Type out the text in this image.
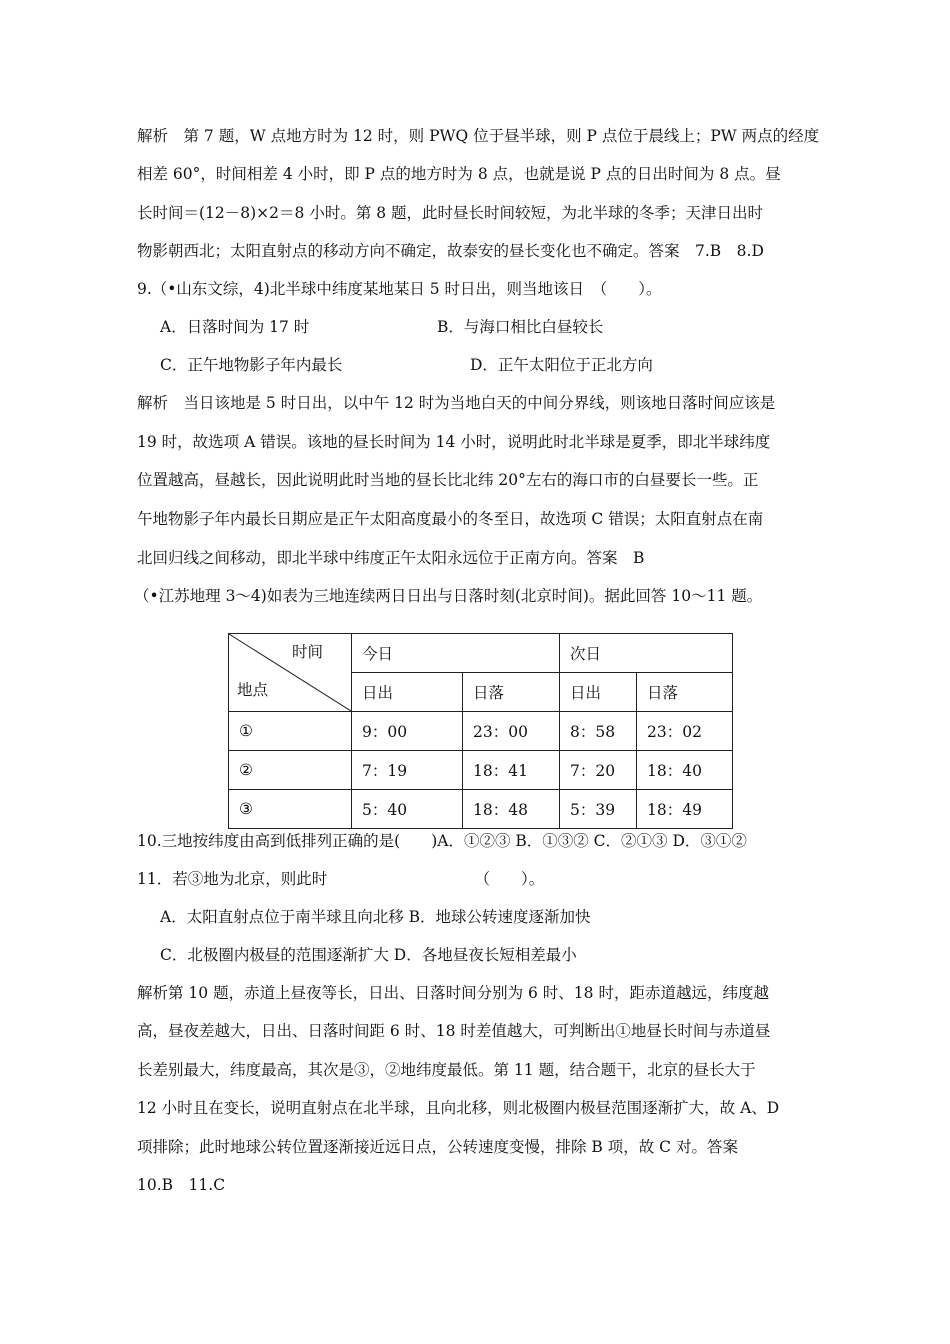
解析　第 7 题，W 点地方时为 12 时，则 PWQ 位于昼半球，则 P 点位于晨线上；PW 两点的经度
相差 60°，时间相差 4 小时，即 P 点的地方时为 8 点，也就是说 P 点的日出时间为 8 点。昼
长时间＝(12－8)×2＝8 小时。第 8 题，此时昼长时间较短，为北半球的冬季；天津日出时
物影朝西北；太阳直射点的移动方向不确定，故泰安的昼长变化也不确定。答案　7.B　8.D
9.（•山东文综，4)北半球中纬度某地某日 5 时日出，则当地该日　（　　）。
A．日落时间为 17 时	B．与海口相比白昼较长
C．正午地物影子年内最长	D．正午太阳位于正北方向
解析　当日该地是 5 时日出，以中午 12 时为当地白天的中间分界线，则该地日落时间应该是
19 时，故选项 A 错误。该地的昼长时间为 14 小时，说明此时北半球是夏季，即北半球纬度
位置越高，昼越长，因此说明此时当地的昼长比北纬 20°左右的海口市的白昼要长一些。正
午地物影子年内最长日期应是正午太阳高度最小的冬至日，故选项 C 错误；太阳直射点在南
北回归线之间移动，即北半球中纬度正午太阳永远位于正南方向。答案　B
（•江苏地理 3～4)如表为三地连续两日日出与日落时刻(北京时间)。据此回答 10～11 题。
时间
地点	今日		次日	
	日出	日落	日出	日落
①	9：00	23：00	8：58	23：02
②	7：19	18：41	7：20	18：40
③	5：40	18：48	5：39	18：49
10.三地按纬度由高到低排列正确的是(　　)A．①②③ B．①③② C．②①③ D．③①②
11．若③地为北京，则此时　　　　　　　　　　（　　）。
A．太阳直射点位于南半球且向北移 B．地球公转速度逐渐加快
C．北极圈内极昼的范围逐渐扩大 D．各地昼夜长短相差最小
解析第 10 题，赤道上昼夜等长，日出、日落时间分别为 6 时、18 时，距赤道越远，纬度越
高，昼夜差越大，日出、日落时间距 6 时、18 时差值越大，可判断出①地昼长时间与赤道昼
长差别最大，纬度最高，其次是③，②地纬度最低。第 11 题，结合题干，北京的昼长大于
12 小时且在变长，说明直射点在北半球，且向北移，则北极圈内极昼范围逐渐扩大，故 A、D
项排除；此时地球公转位置逐渐接近远日点，公转速度变慢，排除 B 项，故 C 对。答案
10.B　11.C
